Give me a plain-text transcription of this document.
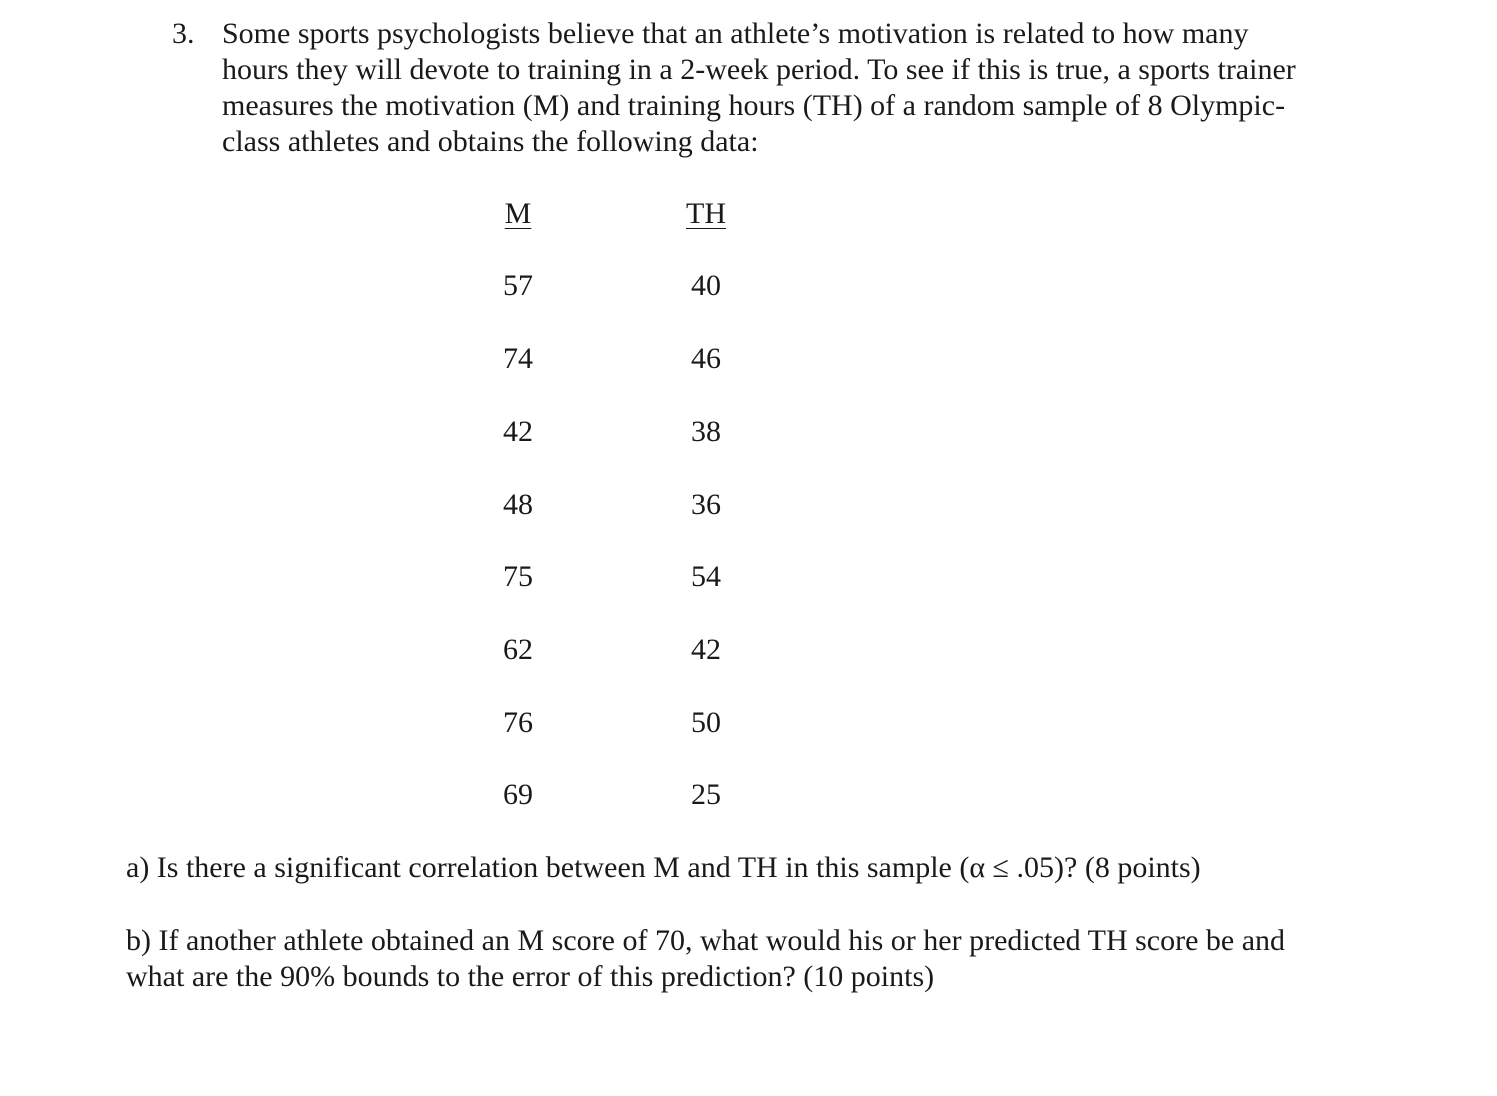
3. Some sports psychologists believe that an athlete’s motivation is related to how many
hours they will devote to training in a 2-week period. To see if this is true, a sports trainer
measures the motivation (M) and training hours (TH) of a random sample of 8 Olympic-
class athletes and obtains the following data:
M	TH
57	40
74	46
42	38
48	36
75	54
62	42
76	50
69	25
a) Is there a significant correlation between M and TH in this sample (α ≤ .05)? (8 points)
b) If another athlete obtained an M score of 70, what would his or her predicted TH score be and
what are the 90% bounds to the error of this prediction? (10 points)
